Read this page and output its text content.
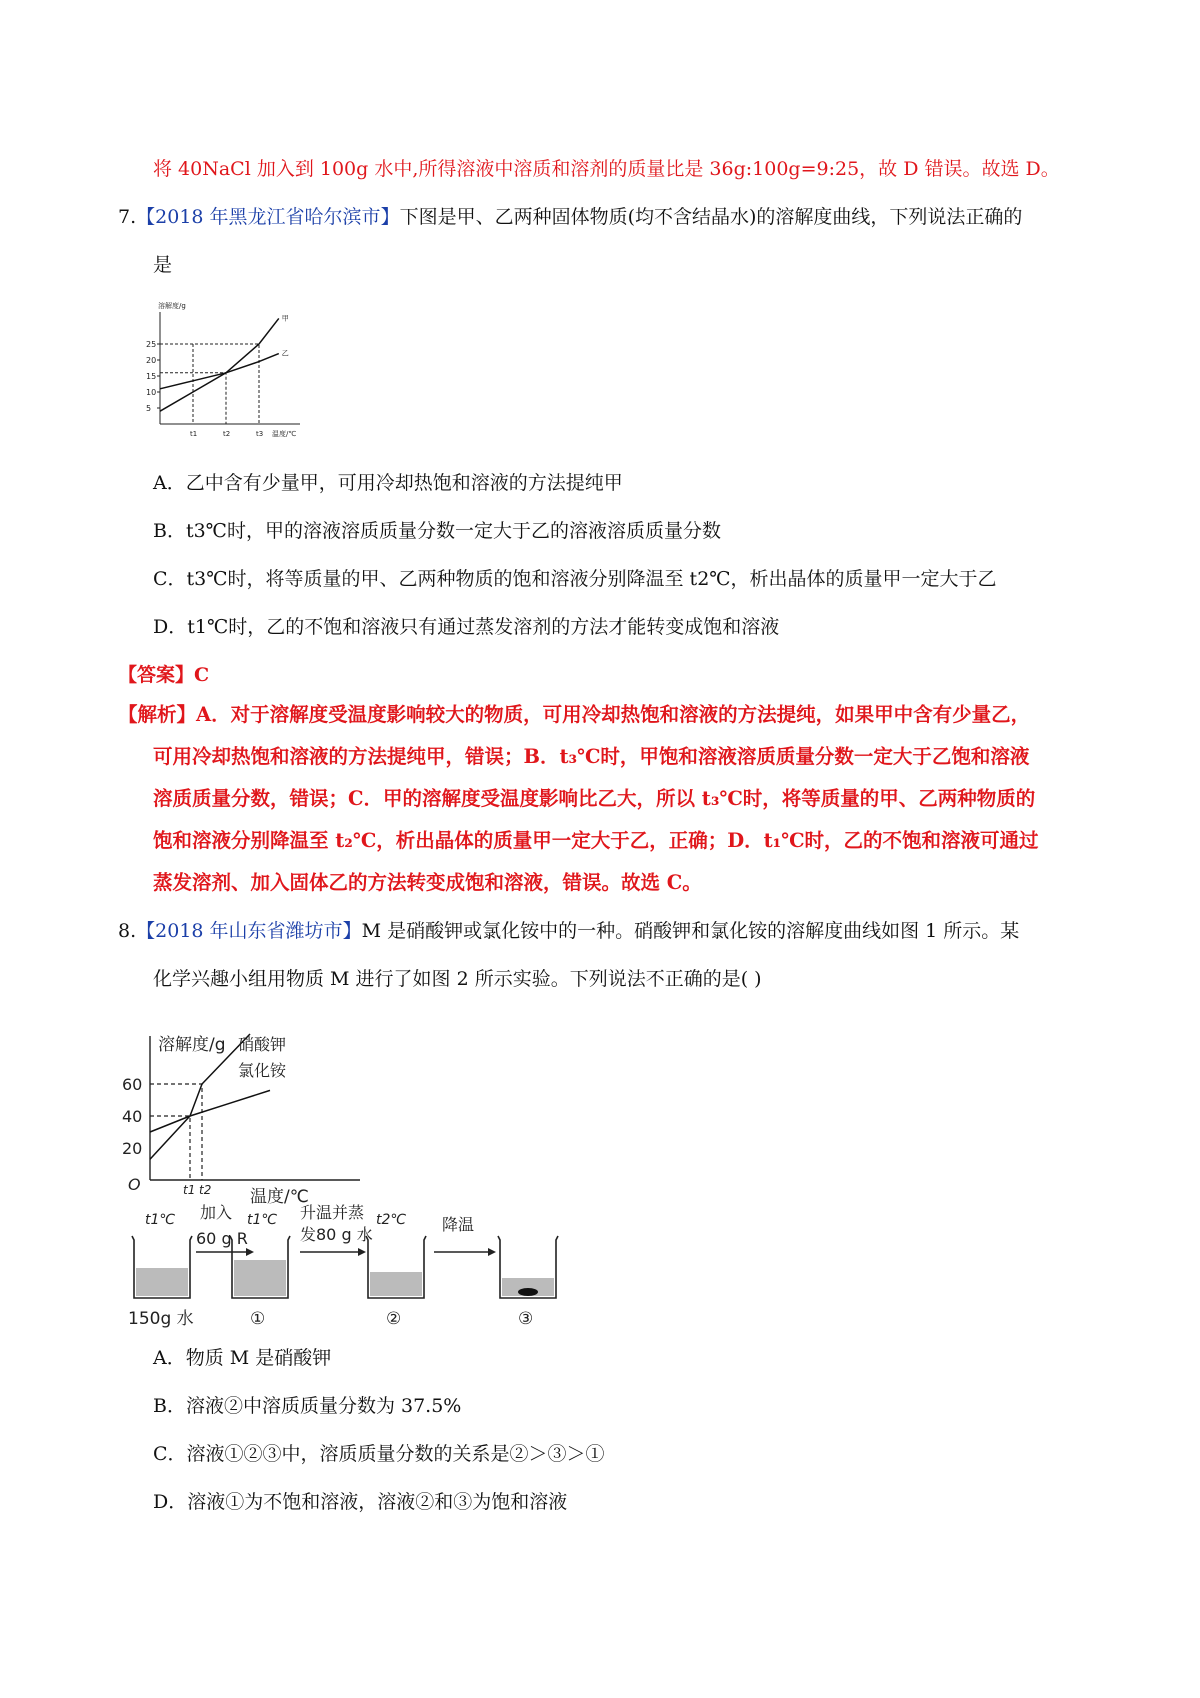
将 40NaCl 加入到 100g 水中,所得溶液中溶质和溶剂的质量比是 36g:100g=9:25，故 D 错误。故选 D。
7.【2018 年黑龙江省哈尔滨市】下图是甲、乙两种固体物质(均不含结晶水)的溶解度曲线，下列说法正确的
是
溶解度/g
5
10
15
20
25
t1	t2	t3
甲
乙
温度/℃
A．乙中含有少量甲，可用冷却热饱和溶液的方法提纯甲
B．t3℃时，甲的溶液溶质质量分数一定大于乙的溶液溶质质量分数
C．t3℃时，将等质量的甲、乙两种物质的饱和溶液分别降温至 t2℃，析出晶体的质量甲一定大于乙
D．t1℃时，乙的不饱和溶液只有通过蒸发溶剂的方法才能转变成饱和溶液
【答案】C
【解析】A．对于溶解度受温度影响较大的物质，可用冷却热饱和溶液的方法提纯，如果甲中含有少量乙，
可用冷却热饱和溶液的方法提纯甲，错误；B．t₃℃时，甲饱和溶液溶质质量分数一定大于乙饱和溶液
溶质质量分数，错误；C．甲的溶解度受温度影响比乙大，所以 t₃℃时，将等质量的甲、乙两种物质的
饱和溶液分别降温至 t₂℃，析出晶体的质量甲一定大于乙，正确；D．t₁℃时，乙的不饱和溶液可通过
蒸发溶剂、加入固体乙的方法转变成饱和溶液，错误。故选 C。
8.【2018 年山东省潍坊市】M 是硝酸钾或氯化铵中的一种。硝酸钾和氯化铵的溶解度曲线如图 1 所示。某
化学兴趣小组用物质 M 进行了如图 2 所示实验。下列说法不正确的是( )
溶解度/g
O
20
40
60
t1 t2
硝酸钾
氯化铵
温度/℃
t1℃
150g 水
加入
60 g R
t1℃
①
升温并蒸
发80 g 水
t2℃
②
降温
③
A．物质 M 是硝酸钾
B．溶液②中溶质质量分数为 37.5%
C．溶液①②③中，溶质质量分数的关系是②＞③＞①
D．溶液①为不饱和溶液，溶液②和③为饱和溶液
